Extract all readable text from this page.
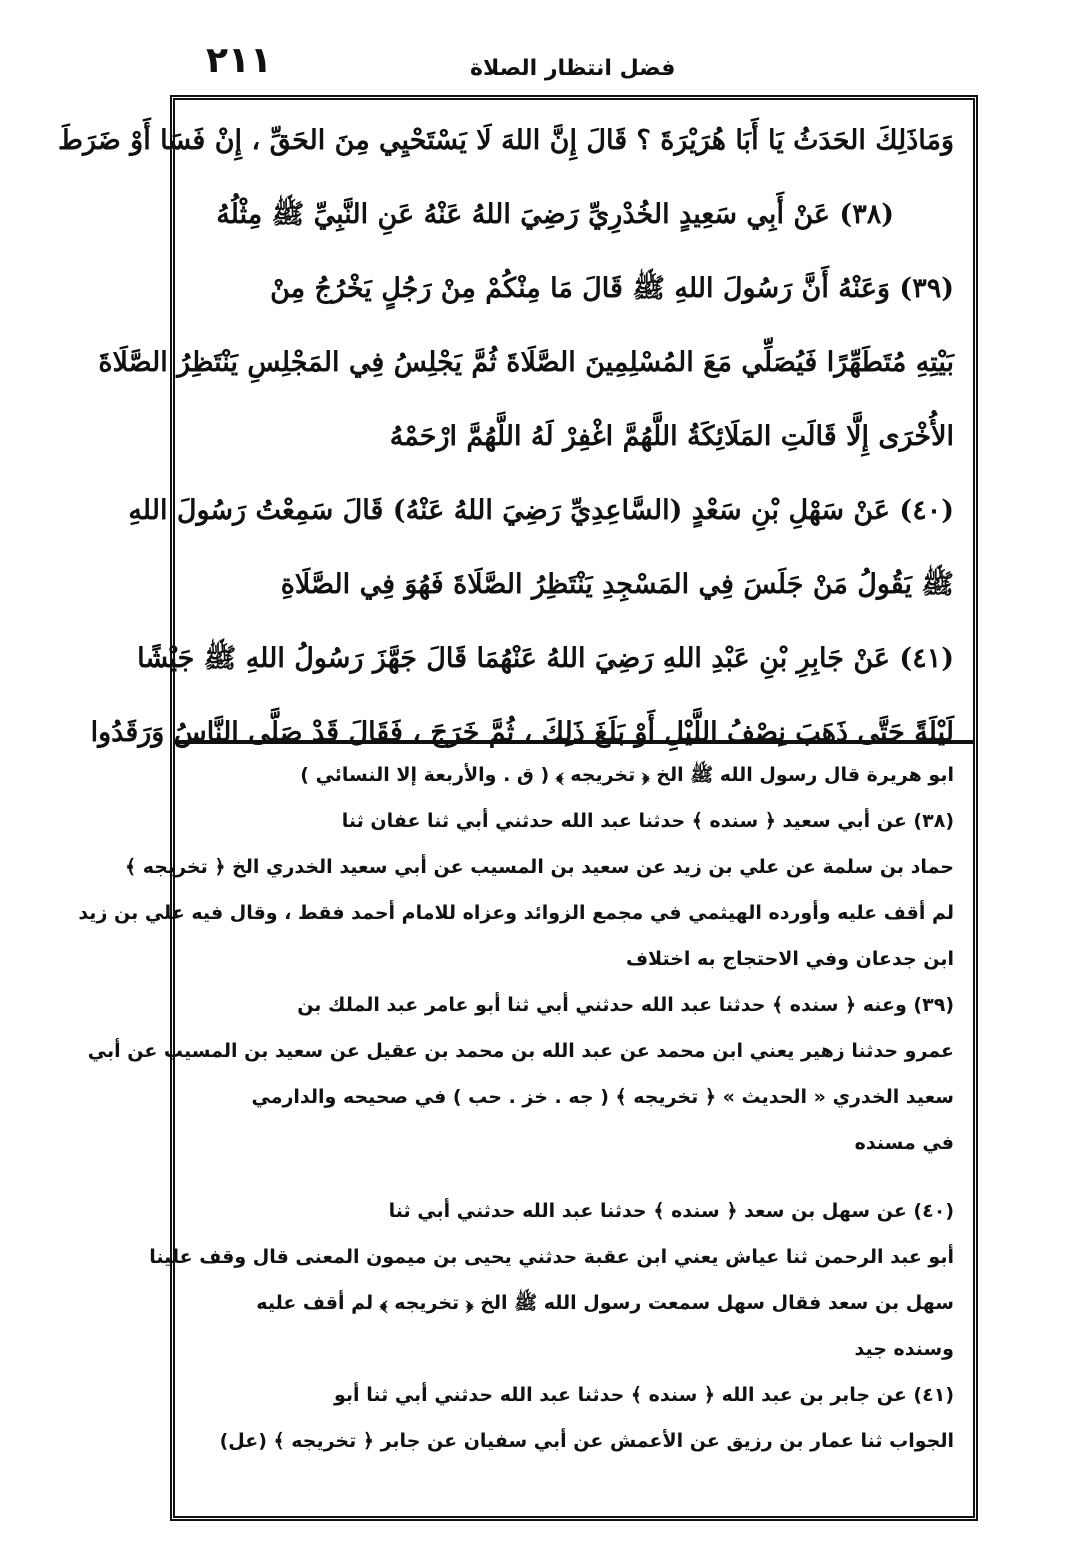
٢١١	فضل انتظار الصلاة
وَمَاذَلِكَ الحَدَثُ يَا أَبَا هُرَيْرَةَ ؟ قَالَ إِنَّ اللهَ لَا يَسْتَحْيِي مِنَ الحَقِّ ، إِنْ فَسَا أَوْ ضَرَطَ
(٣٨) عَنْ أَبِي سَعِيدٍ الخُدْرِيِّ رَضِيَ اللهُ عَنْهُ عَنِ النَّبِيِّ ﷺ مِثْلُهُ
(٣٩) وَعَنْهُ أَنَّ رَسُولَ اللهِ ﷺ قَالَ مَا مِنْكُمْ مِنْ رَجُلٍ يَخْرُجُ مِنْ
بَيْتِهِ مُتَطَهِّرًا فَيُصَلِّي مَعَ المُسْلِمِينَ الصَّلَاةَ ثُمَّ يَجْلِسُ فِي المَجْلِسِ يَنْتَظِرُ الصَّلَاةَ
الأُخْرَى إِلَّا قَالَتِ المَلَائِكَةُ اللَّهُمَّ اغْفِرْ لَهُ اللَّهُمَّ ارْحَمْهُ
(٤٠) عَنْ سَهْلِ بْنِ سَعْدٍ (السَّاعِدِيِّ رَضِيَ اللهُ عَنْهُ) قَالَ سَمِعْتُ رَسُولَ اللهِ
ﷺ يَقُولُ مَنْ جَلَسَ فِي المَسْجِدِ يَنْتَظِرُ الصَّلَاةَ فَهُوَ فِي الصَّلَاةِ
(٤١) عَنْ جَابِرِ بْنِ عَبْدِ اللهِ رَضِيَ اللهُ عَنْهُمَا قَالَ جَهَّزَ رَسُولُ اللهِ ﷺ جَيْشًا
لَيْلَةً حَتَّى ذَهَبَ نِصْفُ اللَّيْلِ أَوْ بَلَغَ ذَلِكَ ، ثُمَّ خَرَجَ ، فَقَالَ قَدْ صَلَّى النَّاسُ وَرَقَدُوا
ابو هريرة قال رسول الله ﷺ الخ ﴿ تخريجه ﴾ ( ق . والأربعة إلا النسائي )
(٣٨) عن أبي سعيد ﴿ سنده ﴾ حدثنا عبد الله حدثني أبي ثنا عفان ثنا
حماد بن سلمة عن علي بن زيد عن سعيد بن المسيب عن أبي سعيد الخدري الخ ﴿ تخريجه ﴾
لم أقف عليه وأورده الهيثمي في مجمع الزوائد وعزاه للامام أحمد فقط ، وقال فيه علي بن زيد
ابن جدعان وفي الاحتجاج به اختلاف
(٣٩) وعنه ﴿ سنده ﴾ حدثنا عبد الله حدثني أبي ثنا أبو عامر عبد الملك بن
عمرو حدثنا زهير يعني ابن محمد عن عبد الله بن محمد بن عقيل عن سعيد بن المسيب عن أبي
سعيد الخدري « الحديث » ﴿ تخريجه ﴾ ( جه . خز . حب ) في صحيحه والدارمي
في مسنده
(٤٠) عن سهل بن سعد ﴿ سنده ﴾ حدثنا عبد الله حدثني أبي ثنا
أبو عبد الرحمن ثنا عياش يعني ابن عقبة حدثني يحيى بن ميمون المعنى قال وقف علينا
سهل بن سعد فقال سهل سمعت رسول الله ﷺ الخ ﴿ تخريجه ﴾ لم أقف عليه
وسنده جيد
(٤١) عن جابر بن عبد الله ﴿ سنده ﴾ حدثنا عبد الله حدثني أبي ثنا أبو
الجواب ثنا عمار بن رزيق عن الأعمش عن أبي سفيان عن جابر ﴿ تخريجه ﴾ (عل)
